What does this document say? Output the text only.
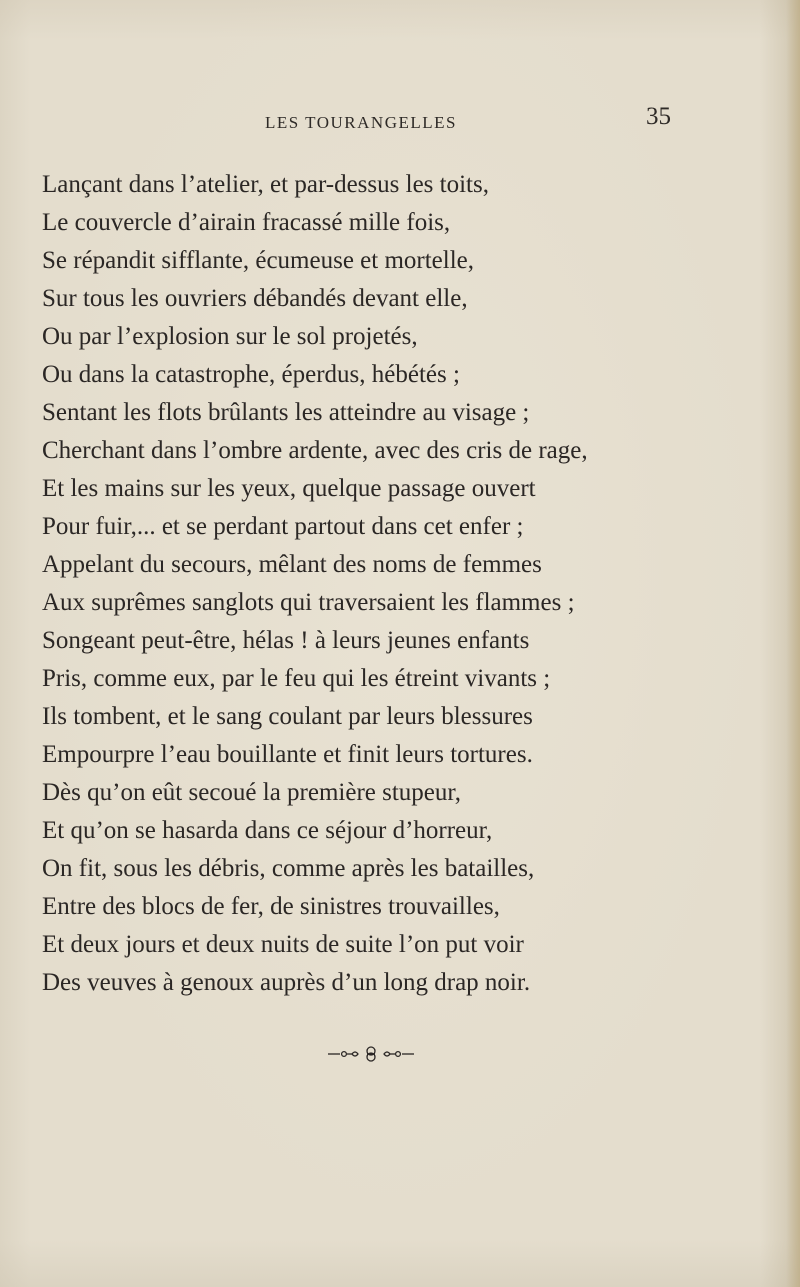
LES TOURANGELLES	35
Lançant dans l’atelier, et par-dessus les toits,
Le couvercle d’airain fracassé mille fois,
Se répandit sifflante, écumeuse et mortelle,
Sur tous les ouvriers débandés devant elle,
Ou par l’explosion sur le sol projetés,
Ou dans la catastrophe, éperdus, hébétés ;
Sentant les flots brûlants les atteindre au visage ;
Cherchant dans l’ombre ardente, avec des cris de rage,
Et les mains sur les yeux, quelque passage ouvert
Pour fuir,... et se perdant partout dans cet enfer ;
Appelant du secours, mêlant des noms de femmes
Aux suprêmes sanglots qui traversaient les flammes ;
Songeant peut-être, hélas ! à leurs jeunes enfants
Pris, comme eux, par le feu qui les étreint vivants ;
Ils tombent, et le sang coulant par leurs blessures
Empourpre l’eau bouillante et finit leurs tortures.
Dès qu’on eût secoué la première stupeur,
Et qu’on se hasarda dans ce séjour d’horreur,
On fit, sous les débris, comme après les batailles,
Entre des blocs de fer, de sinistres trouvailles,
Et deux jours et deux nuits de suite l’on put voir
Des veuves à genoux auprès d’un long drap noir.
